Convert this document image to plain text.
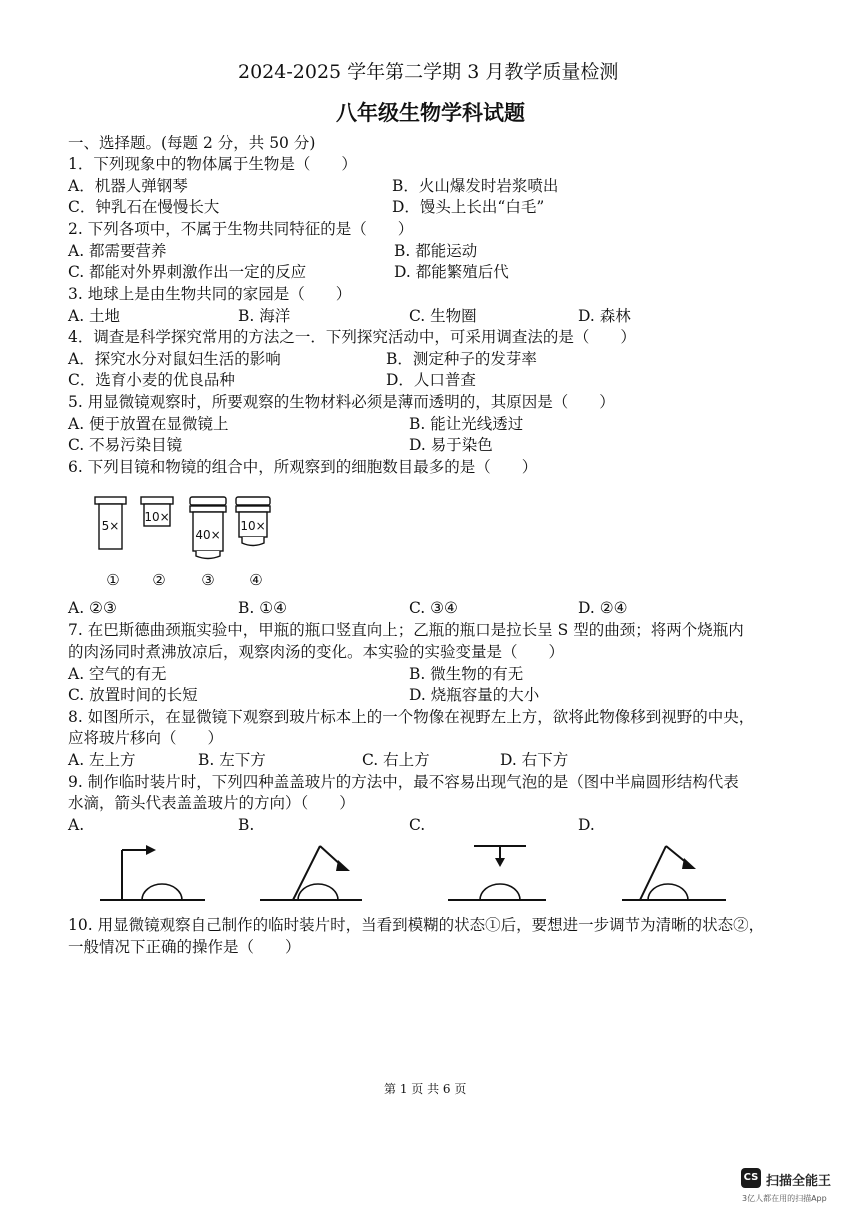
2024-2025 学年第二学期 3 月教学质量检测
八年级生物学科试题
一、选择题。(每题 2 分，共 50 分)
1．下列现象中的物体属于生物是（　　）
A．机器人弹钢琴	B．火山爆发时岩浆喷出
C．钟乳石在慢慢长大	D．馒头上长出“白毛”
2. 下列各项中，不属于生物共同特征的是（　　）
A. 都需要营养	B. 都能运动
C. 都能对外界刺激作出一定的反应	D. 都能繁殖后代
3. 地球上是由生物共同的家园是（　　）
A. 土地	B. 海洋	C. 生物圈	D. 森林
4．调查是科学探究常用的方法之一．下列探究活动中，可采用调查法的是（　　）
A．探究水分对鼠妇生活的影响	B．测定种子的发芽率
C．选育小麦的优良品种	D．人口普查
5. 用显微镜观察时，所要观察的生物材料必须是薄而透明的，其原因是（　　）
A. 便于放置在显微镜上	B. 能让光线透过
C. 不易污染目镜	D. 易于染色
6. 下列目镜和物镜的组合中，所观察到的细胞数目最多的是（　　）
5×
10×
40×
10×
① ② ③ ④
A. ②③	B. ①④	C. ③④	D. ②④
7. 在巴斯德曲颈瓶实验中，甲瓶的瓶口竖直向上；乙瓶的瓶口是拉长呈 S 型的曲颈；将两个烧瓶内
的肉汤同时煮沸放凉后，观察肉汤的变化。本实验的实验变量是（　　）
A. 空气的有无	B. 微生物的有无
C. 放置时间的长短	D. 烧瓶容量的大小
8. 如图所示，在显微镜下观察到玻片标本上的一个物像在视野左上方，欲将此物像移到视野的中央，
应将玻片移向（　　）
A. 左上方	B. 左下方	C. 右上方	D. 右下方
9. 制作临时装片时，下列四种盖盖玻片的方法中，最不容易出现气泡的是（图中半扁圆形结构代表
水滴，箭头代表盖盖玻片的方向）（　　）
A.	B.	C.	D.
10. 用显微镜观察自己制作的临时装片时，当看到模糊的状态①后，要想进一步调节为清晰的状态②，
一般情况下正确的操作是（　　）
第 1 页 共 6 页
CS 扫描全能王
3亿人都在用的扫描App
